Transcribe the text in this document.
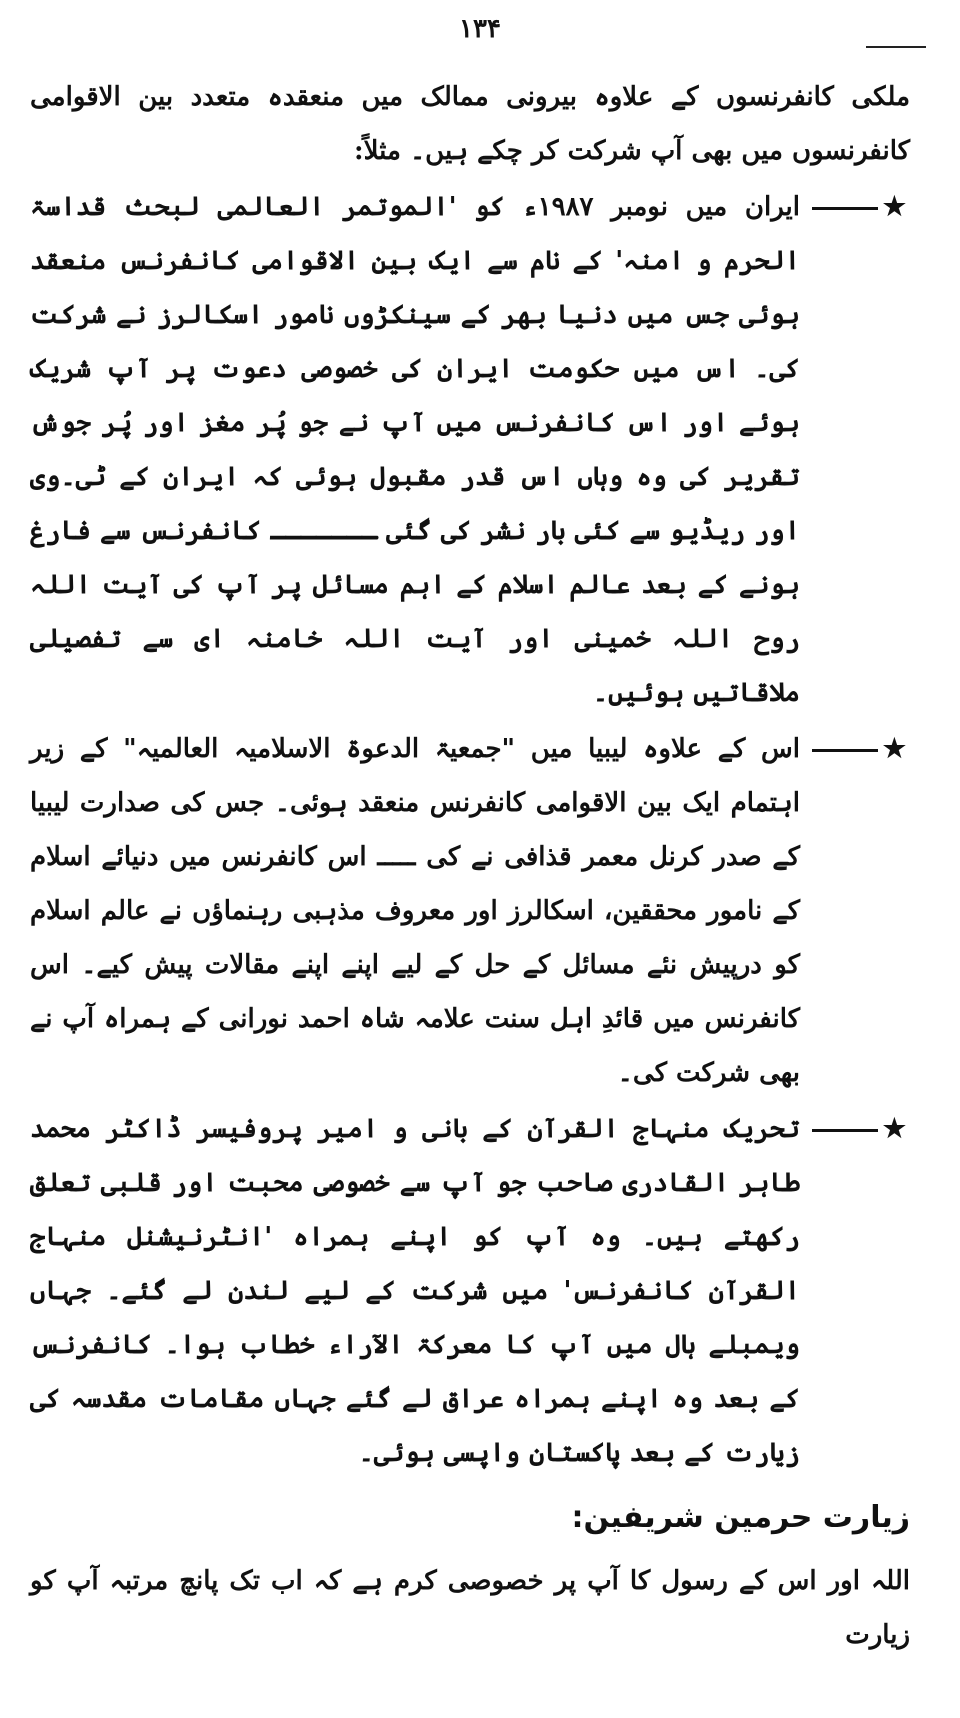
۱۳۴

ملکی کانفرنسوں کے علاوہ بیرونی ممالک میں منعقدہ متعدد بین الاقوامی کانفرنسوں میں بھی آپ شرکت کر چکے ہیں۔ مثلاً:

★

ایران میں نومبر ۱۹۸۷ء کو 'الموتمر العالمی لبحث قداسۃ الحرم و امنہ' کے نام سے ایک بین الاقوامی کانفرنس منعقد ہوئی جس میں دنیا بھر کے سینکڑوں نامور اسکالرز نے شرکت کی۔ اس میں حکومت ایران کی خصوصی دعوت پر آپ شریک ہوئے اور اس کانفرنس میں آپ نے جو پُر مغز اور پُر جوش تقریر کی وہ وہاں اس قدر مقبول ہوئی کہ ایران کے ٹی۔وی اور ریڈیو سے کئی بار نشر کی گئی ـــــــ کانفرنس سے فارغ ہونے کے بعد عالم اسلام کے اہم مسائل پر آپ کی آیت اللہ روح اللہ خمینی اور آیت اللہ خامنہ ای سے تفصیلی ملاقاتیں ہوئیں۔

★

اس کے علاوہ لیبیا میں "جمعیۃ الدعوۃ الاسلامیہ العالمیہ" کے زیر اہتمام ایک بین الاقوامی کانفرنس منعقد ہوئی۔ جس کی صدارت لیبیا کے صدر کرنل معمر قذافی نے کی ـــــ اس کانفرنس میں دنیائے اسلام کے نامور محققین، اسکالرز اور معروف مذہبی رہنماؤں نے عالم اسلام کو درپیش نئے مسائل کے حل کے لیے اپنے اپنے مقالات پیش کیے۔ اس کانفرنس میں قائدِ اہل سنت علامہ شاہ احمد نورانی کے ہمراہ آپ نے بھی شرکت کی۔

★

تحریک منہاج القرآن کے بانی و امیر پروفیسر ڈاکٹر محمد طاہر القادری صاحب جو آپ سے خصوصی محبت اور قلبی تعلق رکھتے ہیں۔ وہ آپ کو اپنے ہمراہ 'انٹرنیشنل منہاج القرآن کانفرنس' میں شرکت کے لیے لندن لے گئے۔ جہاں ویمبلے ہال میں آپ کا معرکۃ الآراء خطاب ہوا۔ کانفرنس کے بعد وہ اپنے ہمراہ عراق لے گئے جہاں مقامات مقدسہ کی زیارت کے بعد پاکستان واپسی ہوئی۔

زیارت حرمین شریفین:

اللہ اور اس کے رسول کا آپ پر خصوصی کرم ہے کہ اب تک پانچ مرتبہ آپ کو زیارت
